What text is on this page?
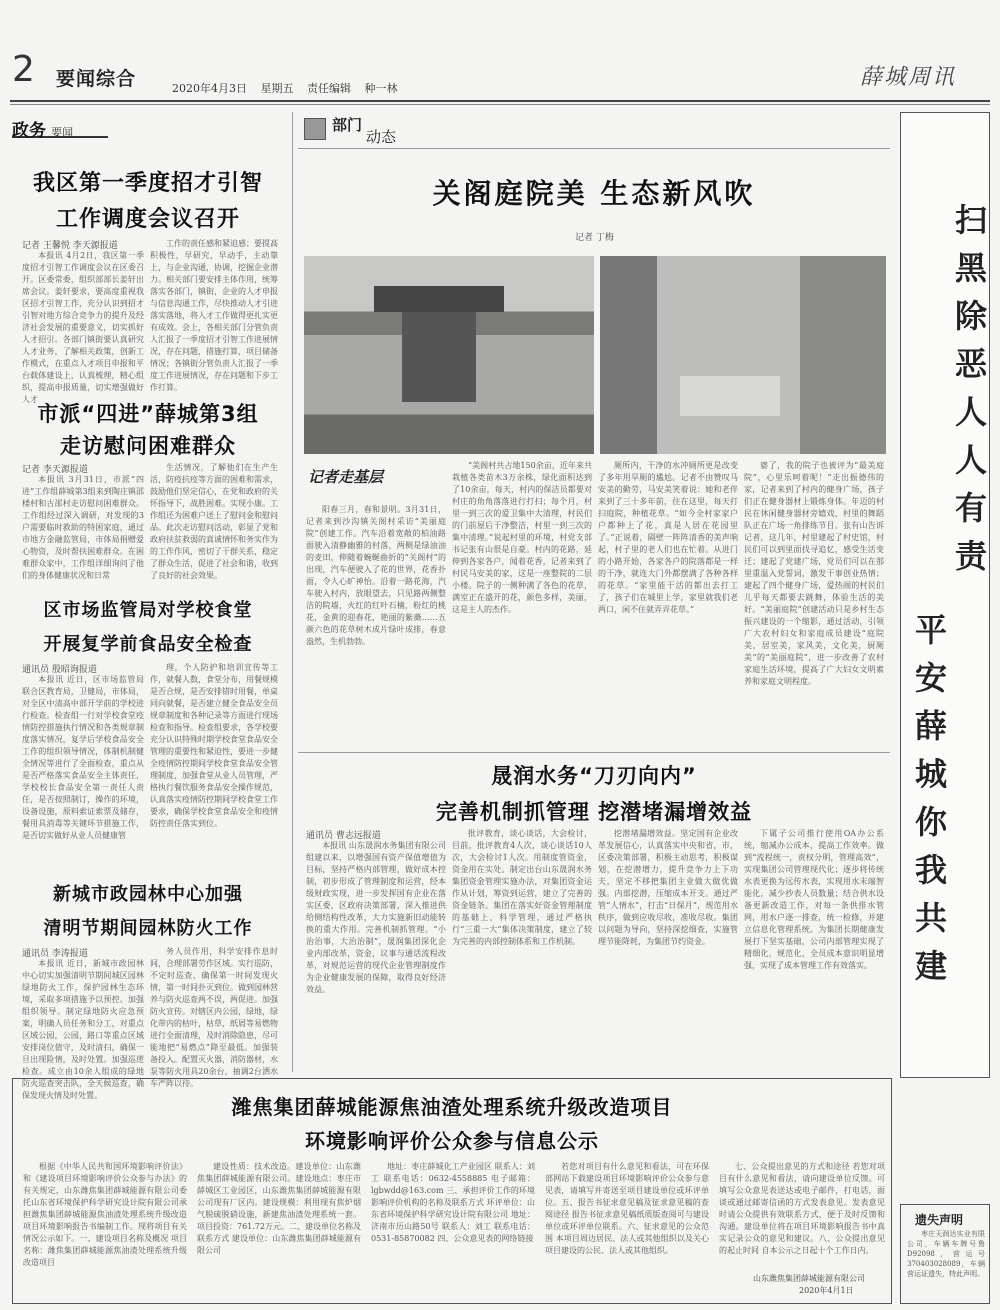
2 要闻综合	2020年4月3日 星期五 责任编辑 种一林	薛城周讯
政务 要闻
我区第一季度招才引智
工作调度会议召开
记者 王馨悦 李天源报道

本报讯 4月2日，我区第一季度招才引智工作调度会议在区委召开。区委常委，组织部部长姜轩出席会议。姜轩要求，要高度重视我区招才引智工作，充分认识到招才引智对地方综合竞争力的提升及经济社会发展的重要意义，切实抓好人才招引。各部门镇街要认真研究人才业务，了解相关政策，创新工作模式，在重点人才项目申报和平台载体建设上，认真梳理，精心组织，提高申报质量，切实增强做好人才

工作的责任感和紧迫感；要提高积极性，早研究，早动手，主动靠上，与企业沟通，协调，挖掘企业潜力。相关部门要安排主体作用，统筹落实各部门，镇街，企业的人才申报与信息沟通工作，尽快推动人才引进落实落地，将人才工作做得更扎实更有成效。会上，各相关部门分管负责人汇报了一季度招才引智工作进展情况，存在问题，措施打算，项目储备情况；各镇街分管负责人汇报了一季度工作进展情况，存在问题和下步工作打算。

市派“四进”薛城第3组
走访慰问困难群众
记者 李天源报道

本报讯 3月31日，市派“四进”工作组薛城第3组来到陶庄镇邵楼村和古邵村走访慰问困难群众。工作组经过深入调研，对发现的3户需要临时救助的特困家庭，通过市地方金融监管局，市体局捐赠爱心物资，及时帮扶困难群众。在困难群众家中，工作组详细询问了他们的身体健康状况和日常

生活情况，了解他们在生产生活，防疫抗疫等方面的困难和需求，鼓励他们坚定信心，在党和政府的关怀指导下，战胜困难。实现小康。工作组还为困难户送上了慰问金和慰问品。此次走访慰问活动，彰显了党和政府扶贫救弱的真诚情怀和务实作为的工作作风，密切了干群关系，稳定了群众生活，促进了社会和谐，收到了良好的社会效果。

区市场监管局对学校食堂
开展复学前食品安全检查
通讯员 殷昭询报道

本报讯 近日，区市场监管局联合区教育局，卫健局，市体局，对全区中清高中部开学前的学校进行检查。检查组一行对学校食堂疫情防控措施执行情况和各类规章制度落实情况，复学后学校食品安全工作的组织领导情况，体制机制健全情况等进行了全面检查，重点从是否严格落实食品安全主体责任，学校校长食品安全第一责任人责任，是否按照制订，操作的环境，设备设施，原料索证索票及储存，餐用具消毒等关键环节措施工作，是否切实做好从业人员健康管

理，个人防护和培训宣传等工作，就餐人数，食堂分布，用餐规模是否合规，是否安排错时用餐，单桌同向就餐，是否建立健全食品安全员规章制度和各种记录等方面进行现场检查和指导。检查组要求，各学校要充分认识特殊时期学校食堂食品安全管理的重要性和紧迫性，要进一步健全疫情防控期间学校食堂食品安全管理制度，加强食堂从业人员管理，严格执行餐饮服务食品安全操作规范，认真落实疫情防控期间学校食堂工作要求，确保学校食堂食品安全和疫情防控责任落实到位。

新城市政园林中心加强
清明节期间园林防火工作
通讯员 李涛报道

本报讯 近日，新城市政园林中心切实加强清明节期间城区园林绿地防火工作，保护园林生态环境，采取多项措施予以预控。加强组织领导。制定绿地防火应急预案，明确人员任务和分工，对重点区域公园，公园，路口等重点区域安排岗位值守，及时清扫，确保一旦出现险情，及时处置。加强巡逻检查。成立由10余人组成的绿地防火巡查突击队，全天候巡查，确保发现火情及时处置。

务人员作用，科学安排作息时间，合理部署劳作区域。实行巡防，不定时巡查，确保第一时间发现火情，第一时间扑灭到位。做到园林营养与防火巡查两不误，两促进。加强防火宣传。对辖区内公园，绿地，绿化带内的枯叶，枯草，纸屑等易燃物进行全面清理，及时消除隐患，尽可能地把“易燃点”降至最低。加强装备投入。配置灭火器，消防器材，水泵等防火用具20余台，抽调2台洒水车严阵以待。

部门
动态
关阁庭院美 生态新风吹
记者 丁梅
记者走基层

阳春三月，春和景明。3月31日，记者来到沙沟镇关阁村采访“美丽庭院”创建工作。汽车沿着宽敞的柏油路面驶入清静幽雅的村落，两侧是绿油油的麦田，伸随着蜿蜒曲折的“关阁村”的出现，汽车便驶入了花的世界，花香扑面，令人心旷神怡。沿着一路花海，汽车驶入村内，放眼望去，只见路两侧整洁的院墙，火红的红叶石楠，粉红的桃花，金黄的迎春花，艳丽的紫薇……五颜六色的花草树木成片绿叶成排，春意盎然，生机勃勃。

“美阁村共占地150余亩，近年来共栽植各类苗木3万余株，绿化面积达到了10余亩，每天，村内的保洁员都要对村庄的角角落落进行打扫；每个月，村里一到三次的爱卫集中大清理，村民们的门前屋后干净整洁，村里一到三次的集中清理。”说起村里的环境，村党支部书记张有山很是自豪。村内的花路，延伸到各家各户，闻着花香，记者来到了村民马安美的家，这是一座整院的二层小楼。院子的一侧种满了各色的花草，满室正在盛开的花，颜色多样，美丽，这是主人的杰作。

厕所内，干净的水冲厕所更是改变了多年用旱厕的尴尬。记者不由赞叹马安美的勤劳，马安美笑着说：她和老伴来到了三十多年前，住在这里，每天打扫庭院，种植花草。“如今全村家家户户都种上了花，真是人居在花园里了。”正说着，隔壁一阵阵清香的美声响起，村子里的老人们也在忙着。从进门的小路开始，各家各户的院落都是一样的干净，就连大门外都摆满了各种各样的花草。“家里能干活的都出去打工了，孩子们在城里上学，家里就我们老两口，闲不住就弄弄花草。”

婆了，我的院子也被评为“最美庭院”，心里乐呵着呢！”走出振德伟的家，记者来到了村内的健身广场，孩子们正在健身器材上锻炼身体。年迈的村民在休闲健身器材旁嬉戏，村里的舞蹈队正在广场一角排练节目。张有山告诉记者，这几年，村里建起了村史馆，村民们可以到里面找寻追忆，感受生活变迁；建起了党建广场，党员们可以在那里重温入党誓词，激发干事创业热情；建起了四个健身广场，爱热闹的村民们儿乎每天都要去跳舞，体验生活的美好。“美丽庭院”创建活动只是乡村生态振兴建设的一个缩影，通过活动，引领广大农村妇女和家庭成员建设“庭院美，居室美，家风美，文化美，厨厕美”的“美丽庭院”，进一步改善了农村家庭生活环境，提高了广大妇女文明素养和家庭文明程度。

晟润水务“刀刃向内”
完善机制抓管理 挖潜堵漏增效益
通讯员 曹志远报道

本报讯 山东晟润水务集团有限公司组建以来，以增强国有资产保值增值为目标，坚持严格内部管理，做好成本控制，初步形成了管理制度和运营，经本级财政实现，进一步发挥国有企业在落实区委，区政府决策部署，深入推进供给侧结构性改革，大力实施新旧动能转换的重大作用。完善机制抓管理。“小治治事，大治治制”，晟润集团深化企业内部改革，资金，议事与通话流程改革，对规范运营的现代企业管理制度作为企业健康发展的保障，取得良好经济效益。

批评教育，谈心谈话，大会检讨，目前，批评教育4人次，谈心谈话10人次，大会检讨1人次。用制度管资金，资金用在实处。制定出台山东晟润水务集团资金管理实施办法，对集团资金运作从计划，筹资到运营，建立了完善的资金链条。集团在落实好资金管理制度的基础上，科学管理，通过严格执行“三重一大”集体决策制度，建立了较为完善的内部控制体系和工作机制。

挖潜堵漏增效益。坚定国有企业改革发展信心，认真落实中央和省，市，区委决策部署，积极主动思考，积极谋划，在挖潜增力，提升竞争力上下功夫，坚定不移把集团主业做大做优做强。内部挖潜，压缩成本开支。通过严管“人情水”，打击“日保月”，规范用水秩序，做到应收尽收，准收尽收。集团以问题为导向，坚持深挖细查，实施管理节能降耗，为集团节约资金。

下属子公司推行使用OA办公系统，缩减办公成本，提高工作效率。做到“流程统一，责权分明，管理高效”，实现集团公司管理现代化；逐步将传统水表更换为远传水表，实现用水末端智能化，减少抄表人员数量；结合供水设备更新改造工作，对每一条供排水管网，用水户逐一排查，统一检修，并建立信息化管理系统。为集团长期健康发展打下坚实基础，公司内部管理实现了精细化，规范化，全员成本意识明显增强，实现了成本管理工作有效落实。

扫黑除恶人人有责
平安薛城你我共建
潍焦集团薛城能源焦油渣处理系统升级改造项目
环境影响评价公众参与信息公示

根据《中华人民共和国环境影响评价法》和《建设项目环境影响评价公众参与办法》的有关规定，山东潍焦集团薛城能源有限公司委托山东省环境保护科学研究设计院有限公司承担潍焦集团薛城能源焦油渣处理系统升级改造项目环境影响报告书编制工作。现将项目有关情况公示如下。一、建设项目名称及概况 项目名称：潍焦集团薛城能源焦油渣处理系统升级改造项目

建设性质：技术改造。建设单位：山东潍焦集团薛城能源有限公司。建设地点：枣庄市薛城区工业园区，山东潍焦集团薛城能源有限公司现有厂区内。建设规模：利用现有焦炉烟气脱硫脱硝设施，新建焦油渣处理系统一套。项目投资：761.72万元。二、建设单位名称及联系方式 建设单位：山东潍焦集团薛城能源有限公司

地址：枣庄薛城化工产业园区 联系人：刘工 联系电话：0632-4558885 电子邮箱：lgbwdd@163.com 三、承担评价工作的环境影响评价机构的名称及联系方式 环评单位：山东省环境保护科学研究设计院有限公司 地址：济南市历山路50号 联系人：刘工 联系电话：0531-85870082 四、公众意见表的网络链接

若您对项目有什么意见和看法，可在环保部网站下载建设项目环境影响评价公众参与意见表，请填写并寄送至项目建设单位或环评单位。五、报告书征求意见稿及征求意见稿的查阅途径 报告书征求意见稿纸质版查阅可与建设单位或环评单位联系。六、征求意见的公众范围 本项目周边居民、法人或其他组织以及关心项目建设的公民、法人或其他组织。

七、公众提出意见的方式和途径 若您对项目有什么意见和看法，请向建设单位反馈。可填写公众意见表送达或电子邮件，打电话，面谈或通过邮寄信函的方式发表意见。发表意见时请公众提供有效联系方式，便于及时反馈和沟通。建设单位将在项目环境影响报告书中真实记录公众的意见和建议。八、公众提出意见的起止时间 自本公示之日起十个工作日内。

山东潍焦集团薛城能源有限公司
2020年4月1日
遗失声明

枣庄天润达实业有限公司，车辆车牌号鲁D92098，营运号370403028089，车辆营运证遗失，特此声明。
